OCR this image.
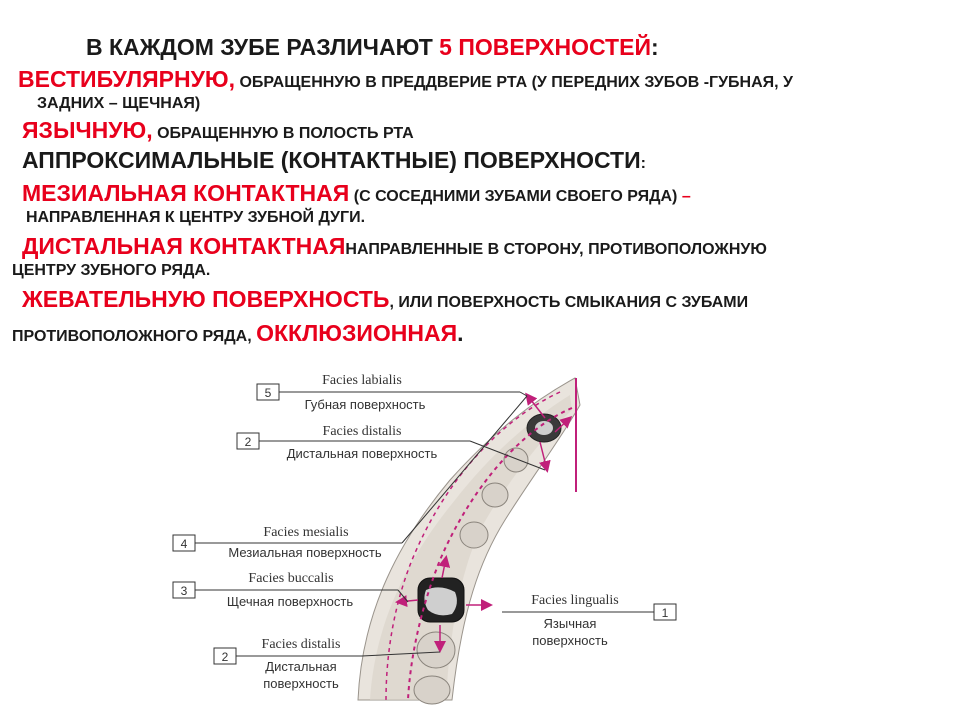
В КАЖДОМ ЗУБЕ РАЗЛИЧАЮТ 5 ПОВЕРХНОСТЕЙ:
ВЕСТИБУЛЯРНУЮ, ОБРАЩЕННУЮ В ПРЕДДВЕРИЕ РТА (У ПЕРЕДНИХ ЗУБОВ -ГУБНАЯ, У
ЗАДНИХ – ЩЕЧНАЯ)
ЯЗЫЧНУЮ, ОБРАЩЕННУЮ В ПОЛОСТЬ РТА
АППРОКСИМАЛЬНЫЕ (КОНТАКТНЫЕ) ПОВЕРХНОСТИ:
МЕЗИАЛЬНАЯ КОНТАКТНАЯ (С СОСЕДНИМИ ЗУБАМИ СВОЕГО РЯДА) –
НАПРАВЛЕННАЯ К ЦЕНТРУ ЗУБНОЙ ДУГИ.
ДИСТАЛЬНАЯ КОНТАКТНАЯНАПРАВЛЕННЫЕ В СТОРОНУ, ПРОТИВОПОЛОЖНУЮ
ЦЕНТРУ ЗУБНОГО РЯДА.
ЖЕВАТЕЛЬНУЮ ПОВЕРХНОСТЬ, ИЛИ ПОВЕРХНОСТЬ СМЫКАНИЯ С ЗУБАМИ
ПРОТИВОПОЛОЖНОГО РЯДА, ОККЛЮЗИОННАЯ.
5
Facies labialis
Губная поверхность
2
Facies distalis
Дистальная поверхность
4
Facies mesialis
Мезиальная поверхность
3
Facies buccalis
Щечная поверхность
2
Facies distalis
Дистальная
поверхность
1
Facies lingualis
Язычная
поверхность
